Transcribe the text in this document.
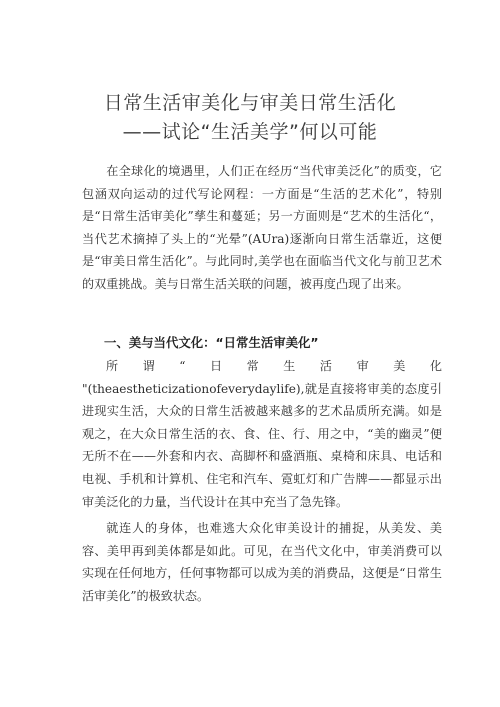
日常生活审美化与审美日常生活化
——试论“生活美学”何以可能

在全球化的境遇里，人们正在经历“当代审美泛化”的质变，它包涵双向运动的过代写论网程：一方面是“生活的艺术化”，特别是“日常生活审美化”孳生和蔓延；另一方面则是“艺术的生活化“，当代艺术摘掉了头上的“光晕”(AUra)逐渐向日常生活靠近，这便是“审美日常生活化”。与此同时,美学也在面临当代文化与前卫艺术的双重挑战。美与日常生活关联的问题，被再度凸现了出来。

一、美与当代文化：“日常生活审美化”
所 谓 “ 日 常 生 活 审 美 化

"(theaestheticizationofeverydaylife),就是直接将审美的态度引进现实生活，大众的日常生活被越来越多的艺术品质所充满。如是观之，在大众日常生活的衣、食、住、行、用之中，“美的幽灵”便无所不在——外套和内衣、高脚杯和盛酒瓶、桌椅和床具、电话和电视、手机和计算机、住宅和汽车、霓虹灯和广告牌——都显示出审美泛化的力量，当代设计在其中充当了急先锋。

就连人的身体，也难逃大众化审美设计的捕捉，从美发、美容、美甲再到美体都是如此。可见，在当代文化中，审美消费可以实现在任何地方，任何事物都可以成为美的消费品，这便是“日常生活审美化”的极致状态。
